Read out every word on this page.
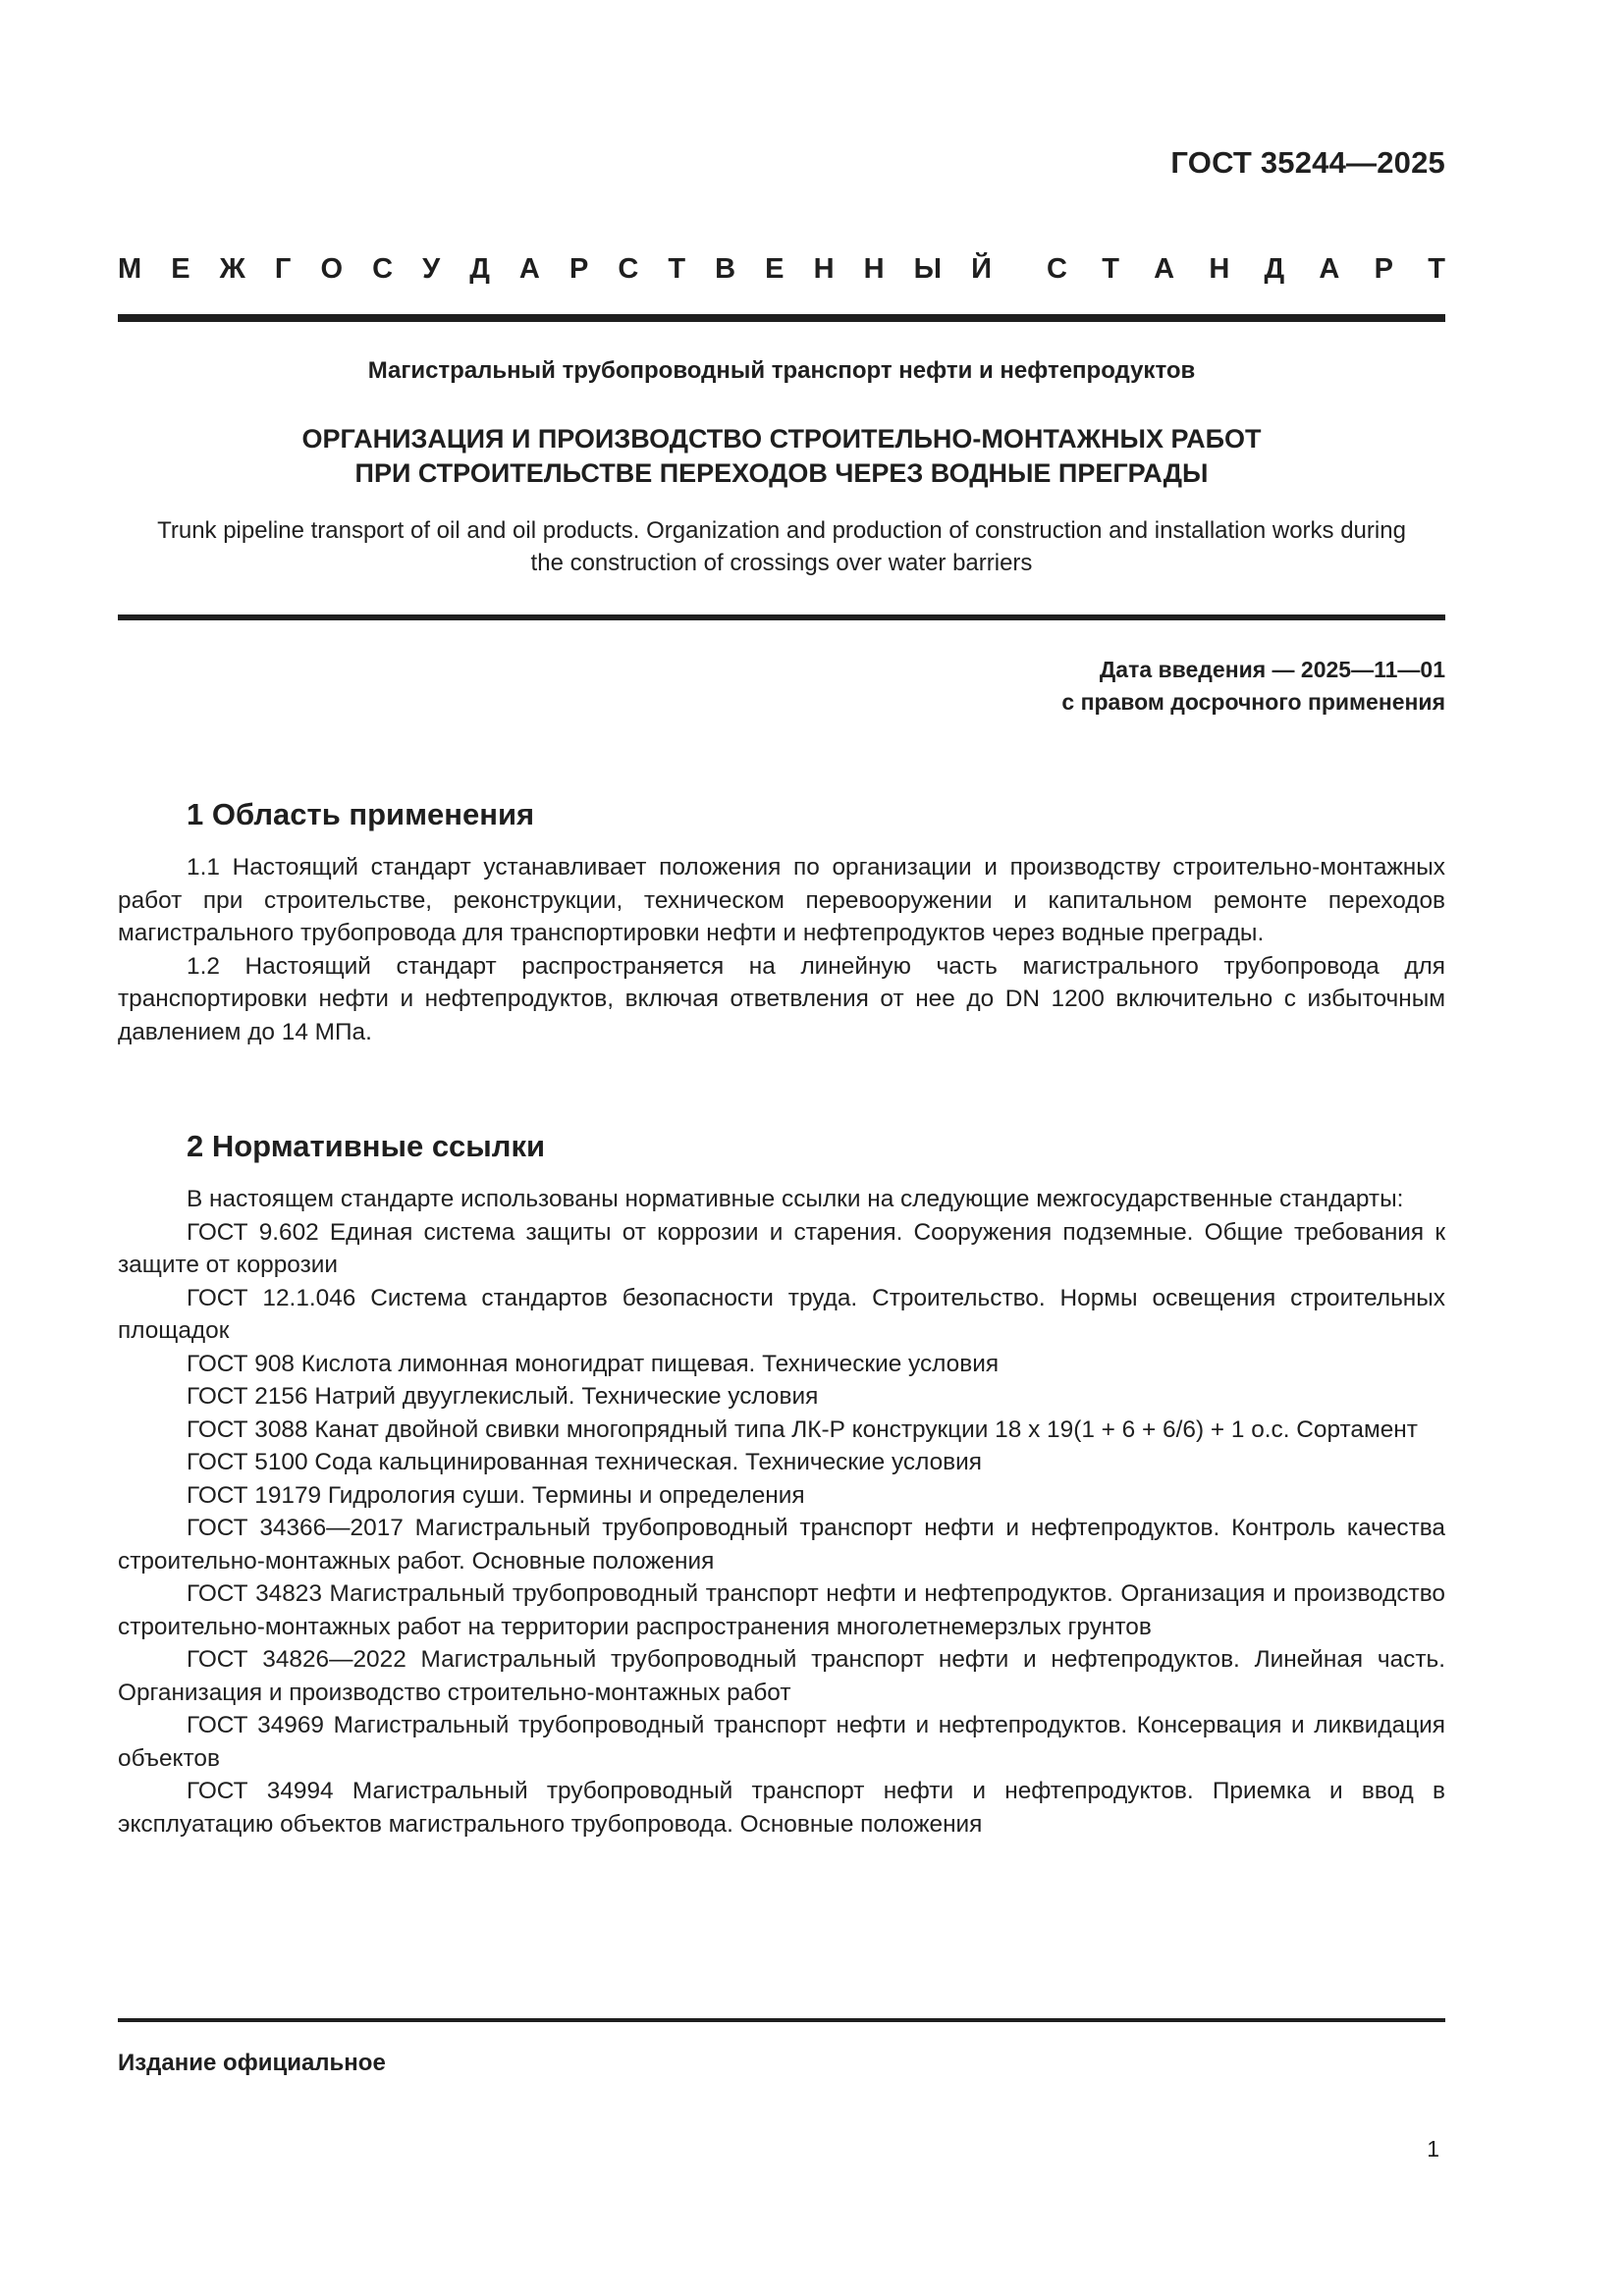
ГОСТ 35244—2025
М Е Ж Г О С У Д А Р С Т В Е Н Н Ы Й С Т А Н Д А Р Т
Магистральный трубопроводный транспорт нефти и нефтепродуктов
ОРГАНИЗАЦИЯ И ПРОИЗВОДСТВО СТРОИТЕЛЬНО-МОНТАЖНЫХ РАБОТ
ПРИ СТРОИТЕЛЬСТВЕ ПЕРЕХОДОВ ЧЕРЕЗ ВОДНЫЕ ПРЕГРАДЫ
Trunk pipeline transport of oil and oil products. Organization and production of construction and installation works during
the construction of crossings over water barriers
Дата введения — 2025—11—01
с правом досрочного применения
1 Область применения

1.1 Настоящий стандарт устанавливает положения по организации и производству строительно-монтажных работ при строительстве, реконструкции, техническом перевооружении и капитальном ремонте переходов магистрального трубопровода для транспортировки нефти и нефтепродуктов через водные преграды.

1.2 Настоящий стандарт распространяется на линейную часть магистрального трубопровода для транспортировки нефти и нефтепродуктов, включая ответвления от нее до DN 1200 включительно с избыточным давлением до 14 МПа.

2 Нормативные ссылки

В настоящем стандарте использованы нормативные ссылки на следующие межгосударственные стандарты:

ГОСТ 9.602 Единая система защиты от коррозии и старения. Сооружения подземные. Общие требования к защите от коррозии

ГОСТ 12.1.046 Система стандартов безопасности труда. Строительство. Нормы освещения строительных площадок

ГОСТ 908 Кислота лимонная моногидрат пищевая. Технические условия

ГОСТ 2156 Натрий двууглекислый. Технические условия

ГОСТ 3088 Канат двойной свивки многопрядный типа ЛК-Р конструкции 18 х 19(1 + 6 + 6/6) + 1 о.с. Сортамент

ГОСТ 5100 Сода кальцинированная техническая. Технические условия

ГОСТ 19179 Гидрология суши. Термины и определения

ГОСТ 34366—2017 Магистральный трубопроводный транспорт нефти и нефтепродуктов. Контроль качества строительно-монтажных работ. Основные положения

ГОСТ 34823 Магистральный трубопроводный транспорт нефти и нефтепродуктов. Организация и производство строительно-монтажных работ на территории распространения многолетнемерзлых грунтов

ГОСТ 34826—2022 Магистральный трубопроводный транспорт нефти и нефтепродуктов. Линейная часть. Организация и производство строительно-монтажных работ

ГОСТ 34969 Магистральный трубопроводный транспорт нефти и нефтепродуктов. Консервация и ликвидация объектов

ГОСТ 34994 Магистральный трубопроводный транспорт нефти и нефтепродуктов. Приемка и ввод в эксплуатацию объектов магистрального трубопровода. Основные положения

Издание официальное
1
